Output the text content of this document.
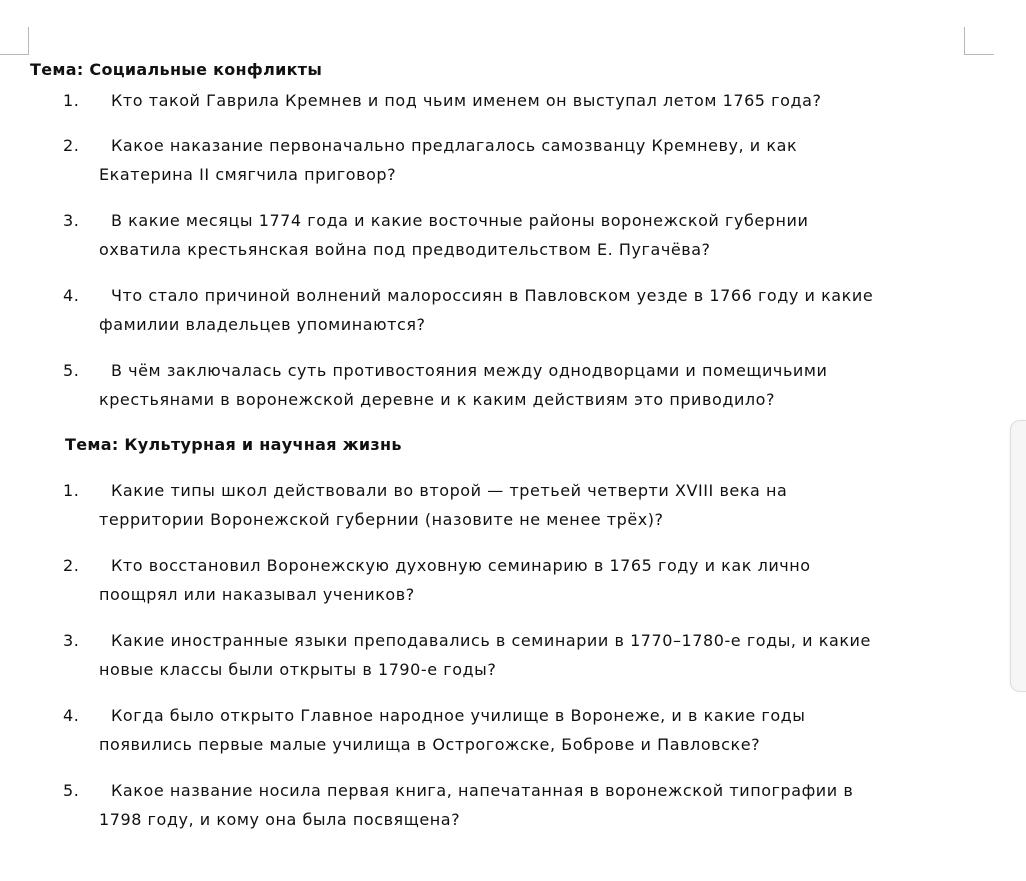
Тема: Социальные конфликты
1.	Кто такой Гаврила Кремнев и под чьим именем он выступал летом 1765 года?
2.	Какое наказание первоначально предлагалось самозванцу Кремневу, и как
Екатерина II смягчила приговор?
3.	В какие месяцы 1774 года и какие восточные районы воронежской губернии
охватила крестьянская война под предводительством Е. Пугачёва?
4.	Что стало причиной волнений малороссиян в Павловском уезде в 1766 году и какие
фамилии владельцев упоминаются?
5.	В чём заключалась суть противостояния между однодворцами и помещичьими
крестьянами в воронежской деревне и к каким действиям это приводило?
Тема: Культурная и научная жизнь
1.	Какие типы школ действовали во второй — третьей четверти XVIII века на
территории Воронежской губернии (назовите не менее трёх)?
2.	Кто восстановил Воронежскую духовную семинарию в 1765 году и как лично
поощрял или наказывал учеников?
3.	Какие иностранные языки преподавались в семинарии в 1770–1780-е годы, и какие
новые классы были открыты в 1790-е годы?
4.	Когда было открыто Главное народное училище в Воронеже, и в какие годы
появились первые малые училища в Острогожске, Боброве и Павловске?
5.	Какое название носила первая книга, напечатанная в воронежской типографии в
1798 году, и кому она была посвящена?
